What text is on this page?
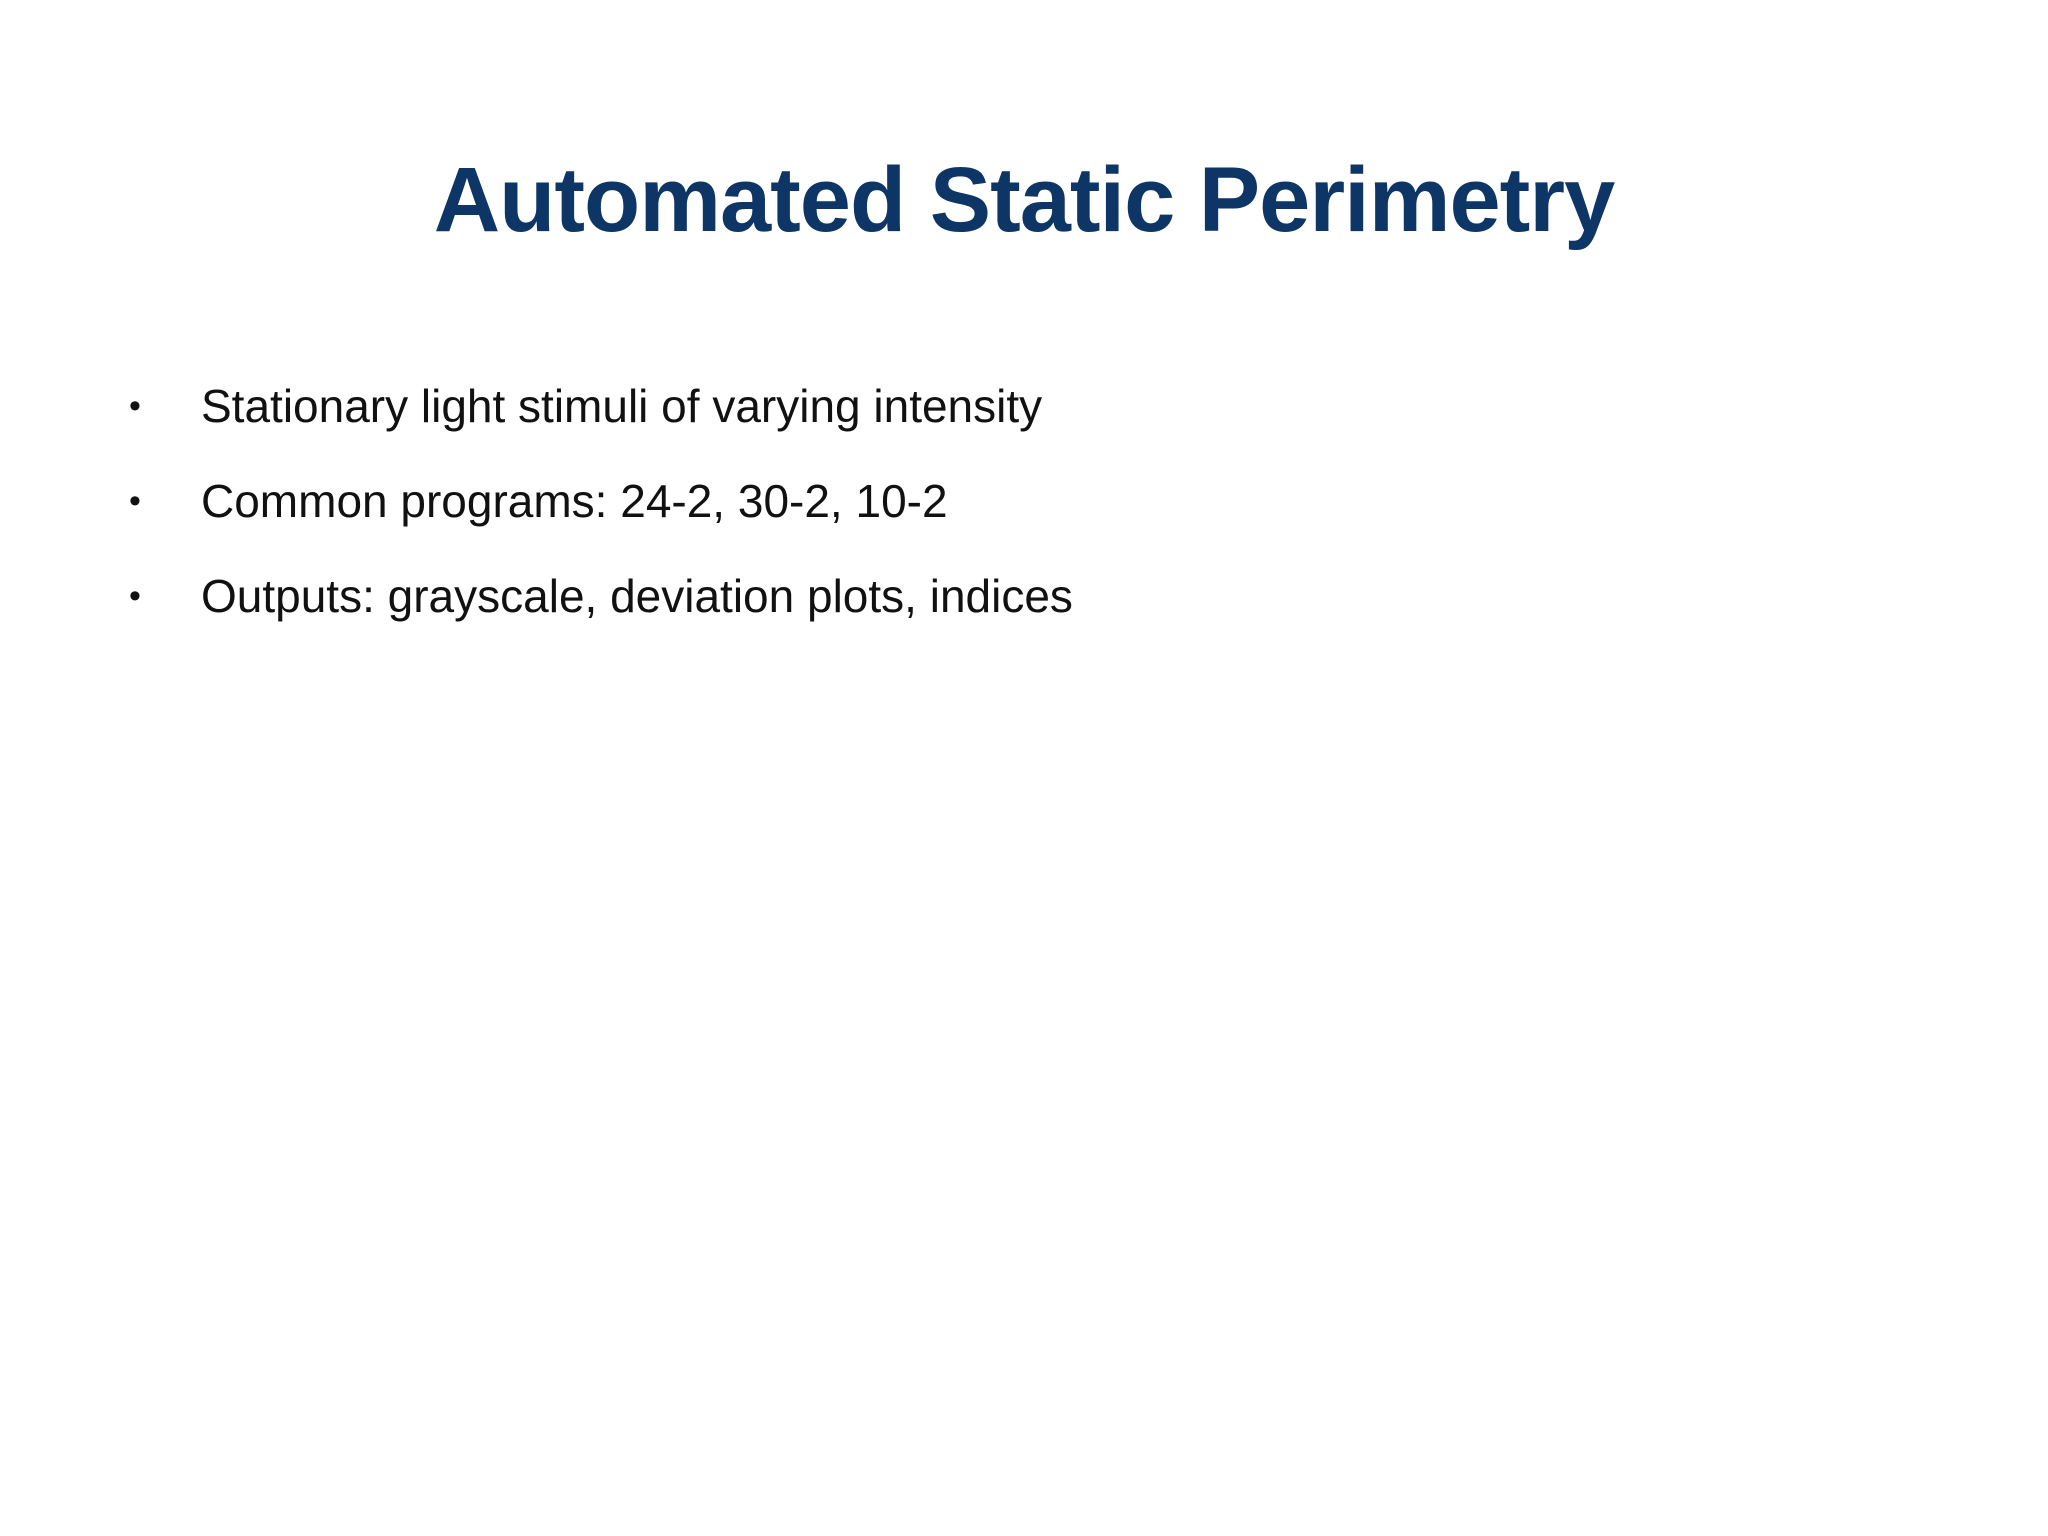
Automated Static Perimetry
• Stationary light stimuli of varying intensity
• Common programs: 24-2, 30-2, 10-2
• Outputs: grayscale, deviation plots, indices
